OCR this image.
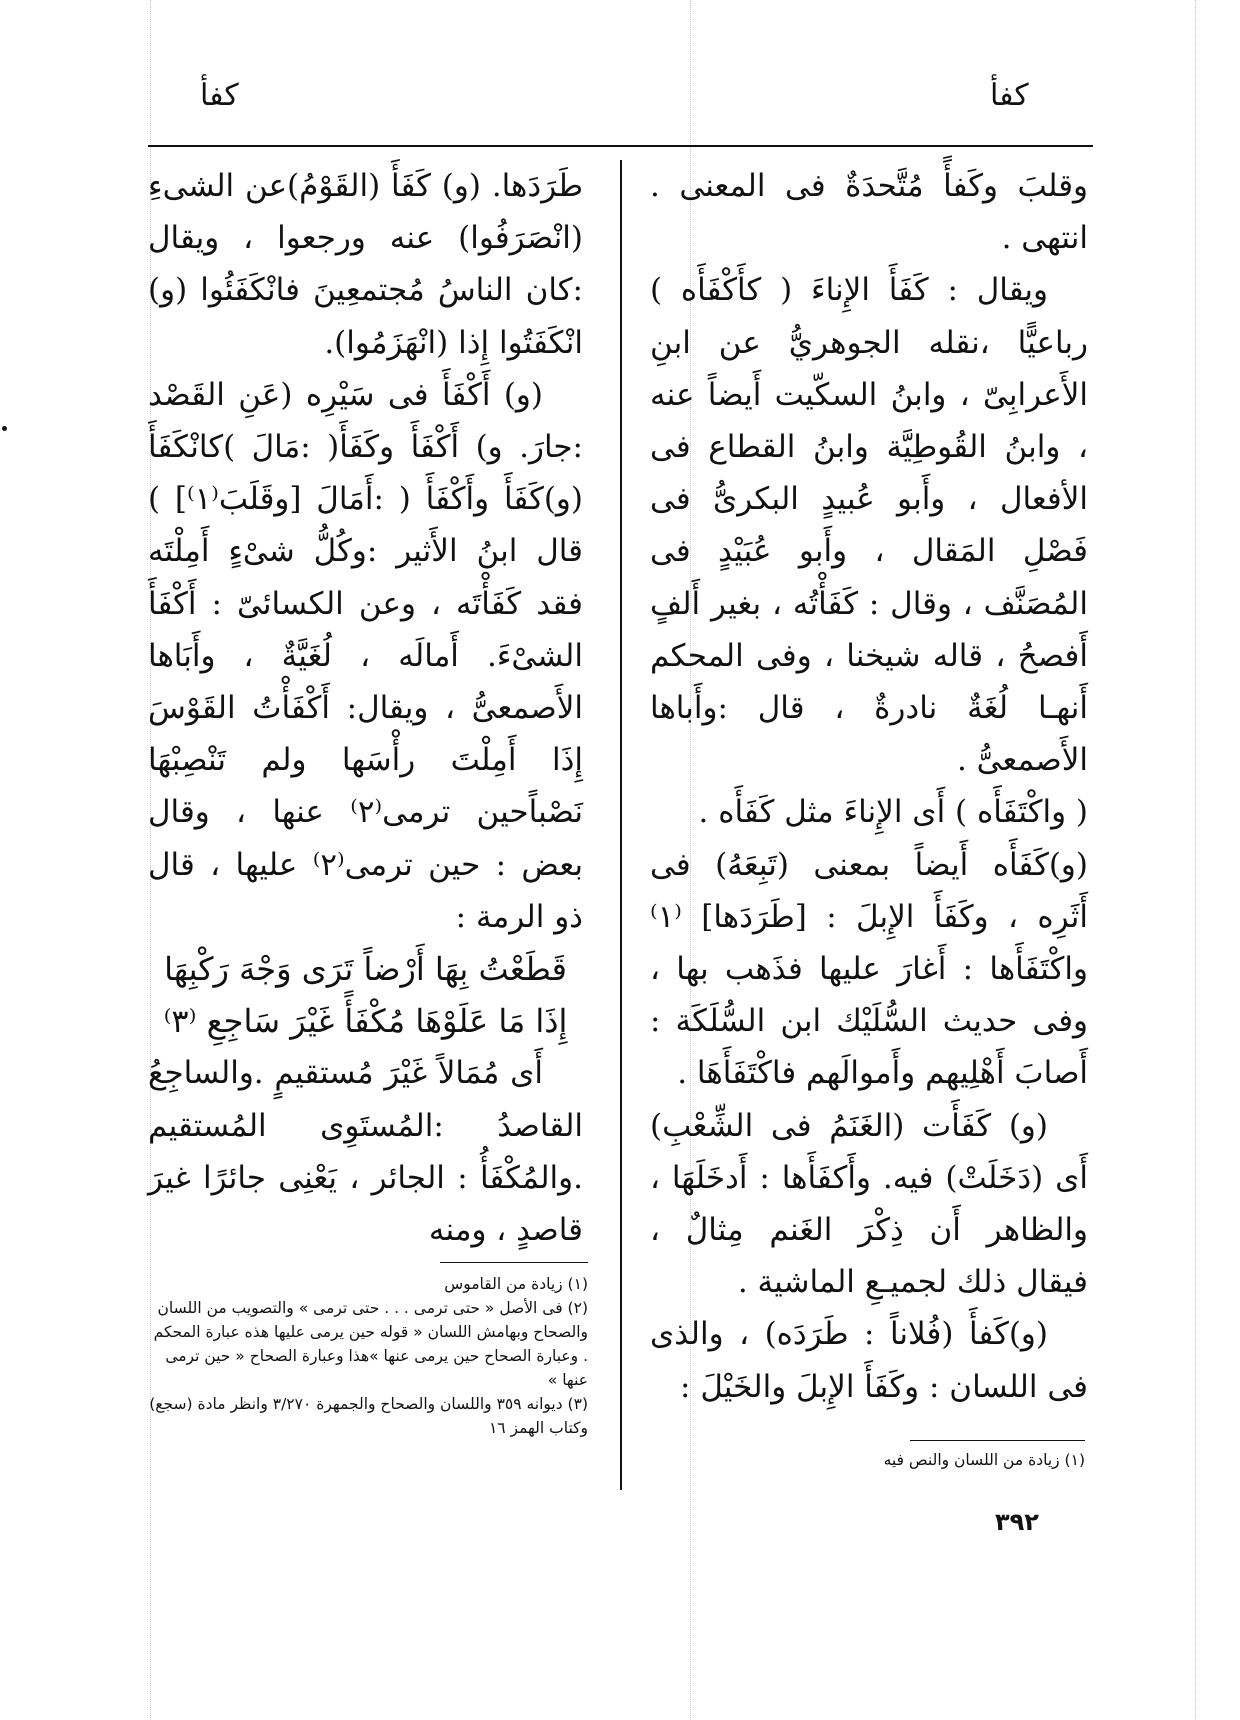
كفأ	كفأ

وقلبَ وكَفأً مُتَّحدَةٌ فى المعنى . انتهى .

ويقال : كَفَأَ الإِناءَ ( كأَكْفَأَه ) رباعيًّا ،نقله الجوهريُّ عن ابنِ الأَعرابِىّ ، وابنُ السكّيت أَيضاً عنه ، وابنُ القُوطِيَّة وابنُ القطاع فى الأفعال ، وأَبو عُبيدٍ البكرىُّ فى فَصْلِ المَقال ، وأَبو عُبَيْدٍ فى المُصَنَّف ، وقال : كَفَأْتُه ، بغير أَلفٍ أَفصحُ ، قاله شيخنا ، وفى المحكم أَنهـا لُغَةٌ نادرةٌ ، قال :وأَباها الأَصمعىُّ .

( واكْتَفَأَه ) أَى الإِناءَ مثل كَفَأَه .

(و)كَفَأَه أَيضاً بمعنى (تَبِعَهُ) فى أَثَرِه ، وكَفَأَ الإِبلَ : [طَرَدَها] ⁽١⁾ واكْتَفَأَها : أَغارَ عليها فذَهب بها ، وفى حديث السُّلَيْك ابن السُّلَكَة : أَصابَ أَهْلِيهم وأَموالَهم فاكْتَفَأَهَا .

(و) كَفَأَت (الغَنَمُ فى الشِّعْبِ) أَى (دَخَلَتْ) فيه. وأَكفَأَها : أَدخَلَهَا ، والظاهر أَن ذِكْرَ الغَنم مِثالٌ ، فيقال ذلك لجميـعِ الماشية .

(و)كَفأَ (فُلاناً : طَرَدَه) ، والذى فى اللسان : وكَفَأَ الإِبلَ والخَيْلَ :

طَرَدَها. (و) كَفَأَ (القَوْمُ)عن الشىءِ (انْصَرَفُوا) عنه ورجعوا ، ويقال :كان الناسُ مُجتمعِينَ فانْكَفَئُوا (و) انْكَفَتُوا إِذا (انْهَزَمُوا).

(و) أَكْفَأَ فى سَيْرِه (عَنِ القَصْد :جارَ. و) أَكْفَأَ وكَفَأَ( :مَالَ )كانْكَفَأَ (و)كَفَأَ وأَكْفَأَ ( :أَمَالَ [وقَلَبَ⁽١⁾] ) قال ابنُ الأَثير :وكُلُّ شىْءٍ أَمِلْتَه فقد كَفَأْتَه ، وعن الكسائىّ : أَكْفَأَ الشىْءَ. أَمالَه ، لُغَيَّةٌ ، وأَبَاها الأَصمعىُّ ، ويقال: أَكْفَأْتُ القَوْسَ إِذَا أَمِلْتَ رأْسَها ولم تَنْصِبْهَا نَصْباًحين ترمى⁽٢⁾ عنها ، وقال بعض : حين ترمى⁽٢⁾ عليها ، قال ذو الرمة :

قَطَعْتُ بِهَا أَرْضاً تَرَى وَجْهَ رَكْبِهَا

إِذَا مَا عَلَوْهَا مُكْفَأً غَيْرَ سَاجِعِ ⁽٣⁾

أَى مُمَالاً غَيْرَ مُستقيمٍ .والساجِعُ القاصدُ :المُستَوِى المُستقيم .والمُكْفَأُ : الجائر ، يَعْنِى جائرًا غيرَ قاصدٍ ، ومنه

(١) زيادة من القاموس

(٢) فى الأصل « حتى ترمى . . . حتى ترمى » والتصويب من اللسان والصحاح وبهامش اللسان « قوله حين يرمى عليها هذه عبارة المحكم . وعبارة الصحاح حين يرمى عنها »هذا وعبارة الصحاح « حين ترمى عنها »

(٣) ديوانه ٣٥٩ واللسان والصحاح والجمهرة ٣/٢٧٠ وانظر مادة (سجع) وكتاب الهمز ١٦

(١) زيادة من اللسان والنص فيه

٣٩٢
